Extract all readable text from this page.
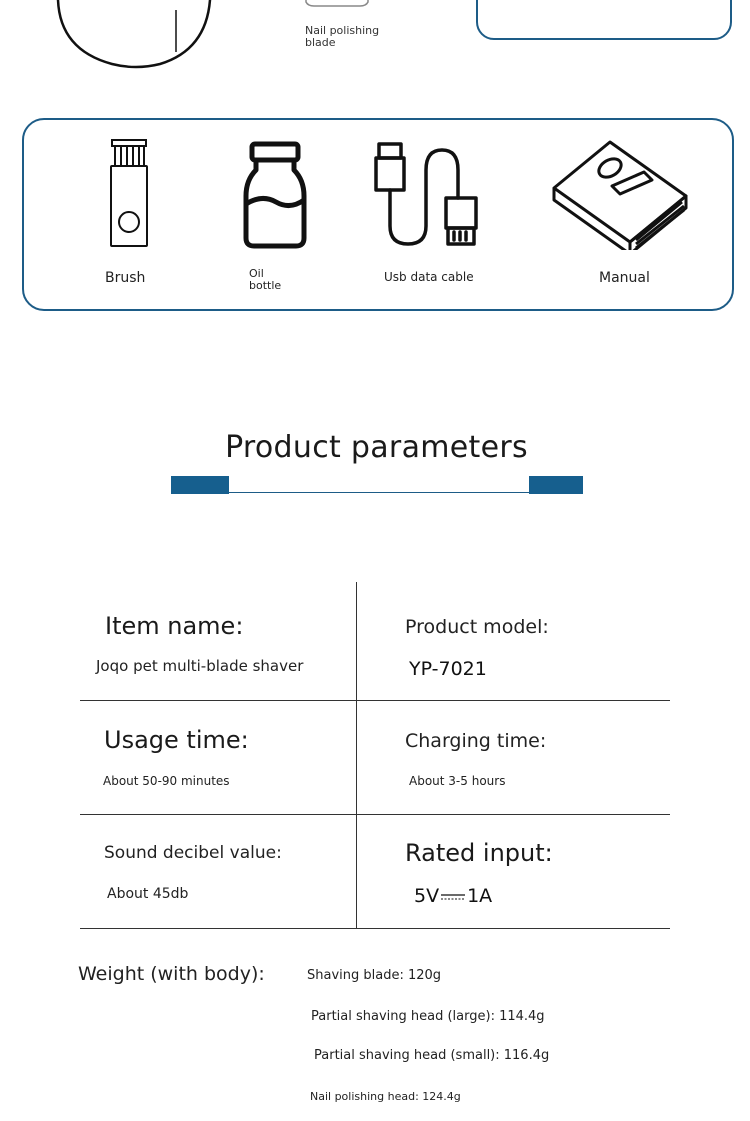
Nail polishing
blade
Brush	Oil
bottle
Usb data cable	Manual
Product parameters
Item name:
Joqo pet multi-blade shaver
Product model:
YP-7021
Usage time:
About 50-90 minutes
Charging time:
About 3-5 hours
Sound decibel value:
About 45db
Rated input:
5V 1A
Weight (with body):	Shaving blade: 120g
Partial shaving head (large): 114.4g
Partial shaving head (small): 116.4g
Nail polishing head: 124.4g
